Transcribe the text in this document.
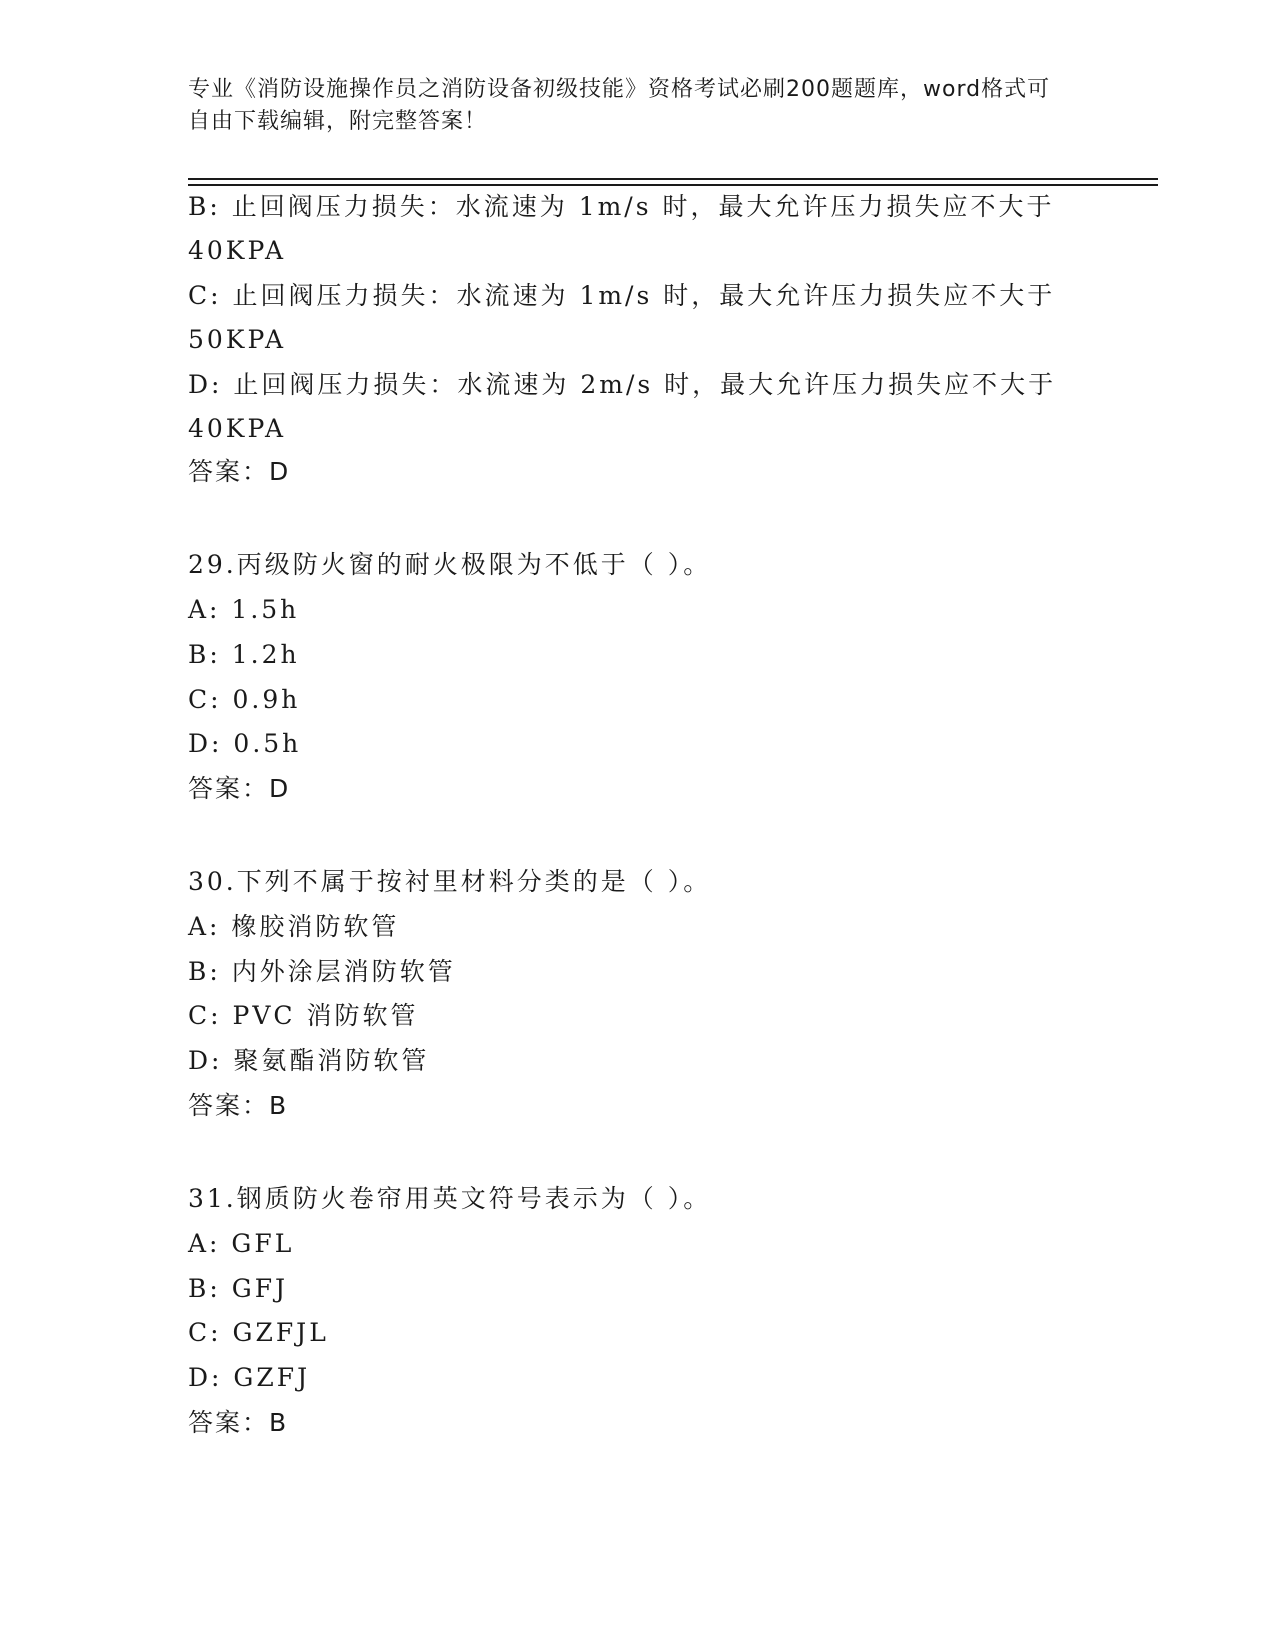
专业《消防设施操作员之消防设备初级技能》资格考试必刷200题题库，word格式可自由下载编辑，附完整答案！
B: 止回阀压力损失：水流速为 1m/s 时，最大允许压力损失应不大于
40KPA
C: 止回阀压力损失：水流速为 1m/s 时，最大允许压力损失应不大于
50KPA
D: 止回阀压力损失：水流速为 2m/s 时，最大允许压力损失应不大于
40KPA
答案：D
29.丙级防火窗的耐火极限为不低于（ ）。
A: 1.5h
B: 1.2h
C: 0.9h
D: 0.5h
答案：D
30.下列不属于按衬里材料分类的是（ ）。
A: 橡胶消防软管
B: 内外涂层消防软管
C: PVC 消防软管
D: 聚氨酯消防软管
答案：B
31.钢质防火卷帘用英文符号表示为（ ）。
A: GFL
B: GFJ
C: GZFJL
D: GZFJ
答案：B
